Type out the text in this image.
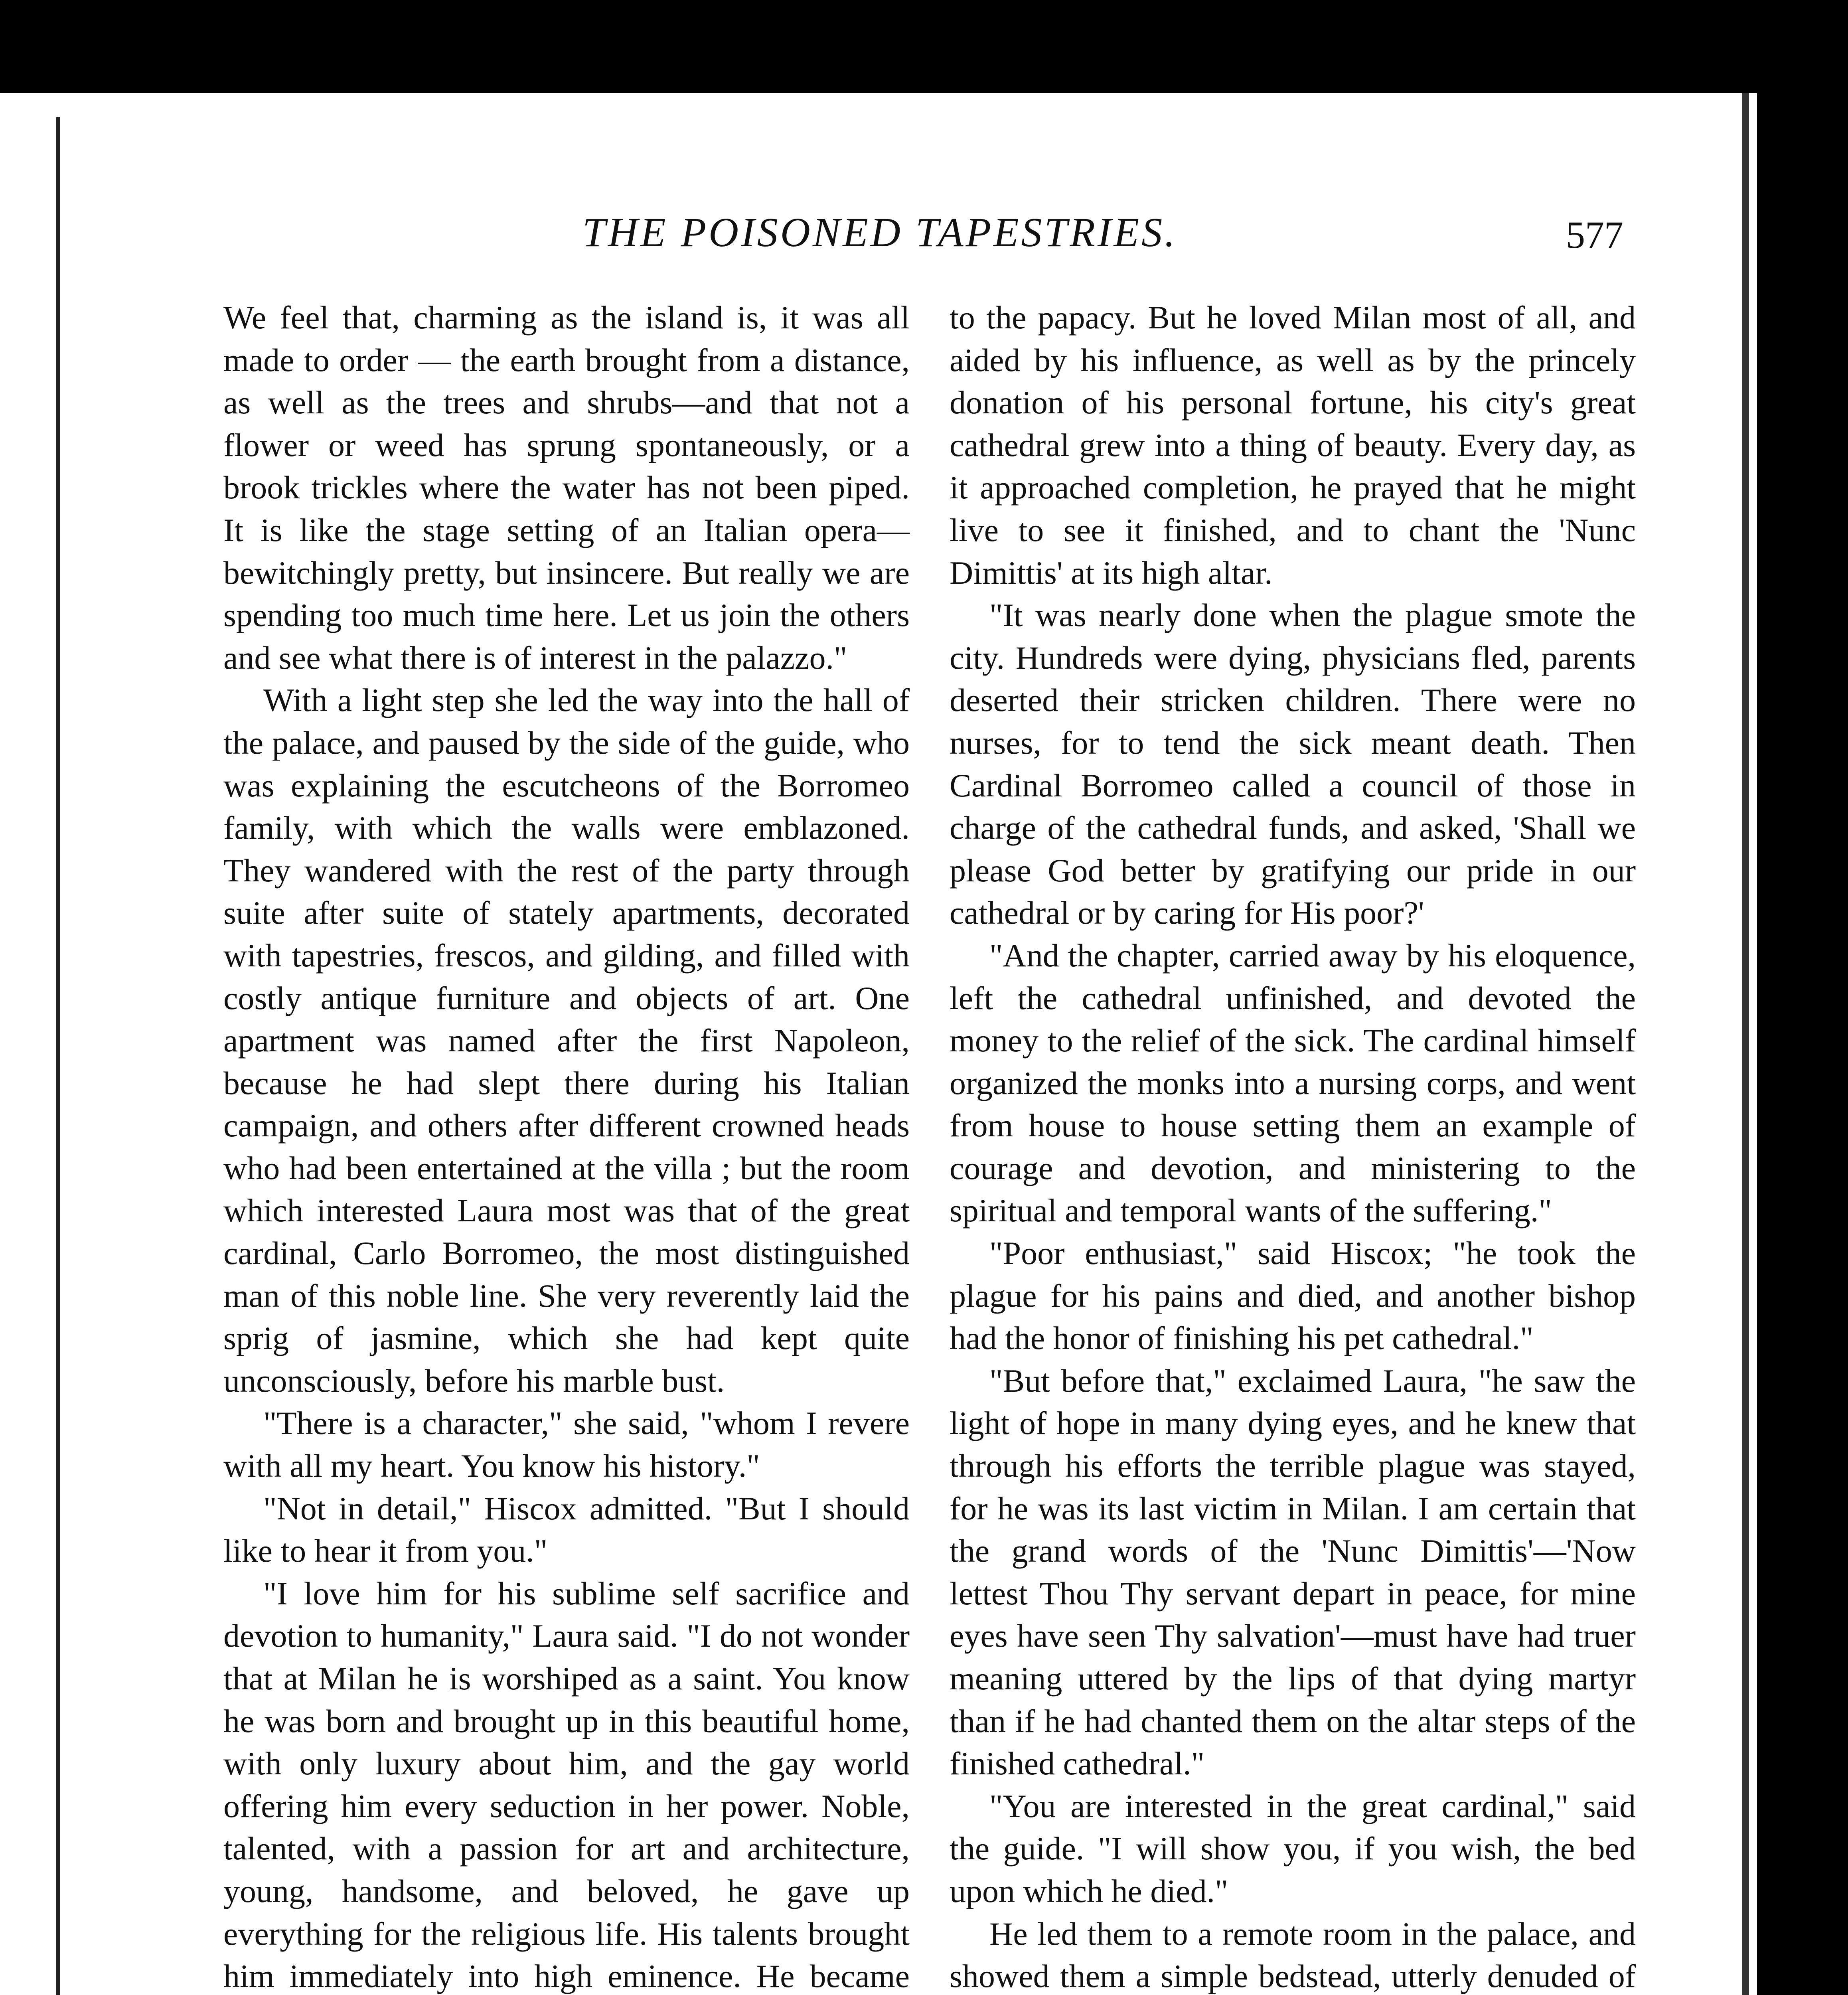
THE POISONED TAPESTRIES.	577

We feel that, charming as the island is, it was all made to order — the earth brought from a distance, as well as the trees and shrubs—and that not a flower or weed has sprung spontaneously, or a brook trickles where the water has not been piped. It is like the stage setting of an Italian opera—bewitchingly pretty, but insincere. But really we are spending too much time here. Let us join the others and see what there is of interest in the palazzo."

With a light step she led the way into the hall of the palace, and paused by the side of the guide, who was explaining the escutcheons of the Borromeo family, with which the walls were emblazoned. They wandered with the rest of the party through suite after suite of stately apartments, decorated with tapestries, frescos, and gilding, and filled with costly antique furniture and objects of art. One apartment was named after the first Napoleon, because he had slept there during his Italian campaign, and others after different crowned heads who had been entertained at the villa ; but the room which interested Laura most was that of the great cardinal, Carlo Borromeo, the most distinguished man of this noble line. She very reverently laid the sprig of jasmine, which she had kept quite unconsciously, before his marble bust.

"There is a character," she said, "whom I revere with all my heart. You know his history."

"Not in detail," Hiscox admitted. "But I should like to hear it from you."

"I love him for his sublime self sacrifice and devotion to humanity," Laura said. "I do not wonder that at Milan he is worshiped as a saint. You know he was born and brought up in this beautiful home, with only luxury about him, and the gay world offering him every seduction in her power. Noble, talented, with a passion for art and architecture, young, handsome, and beloved, he gave up everything for the religious life. His talents brought him immediately into high eminence. He became

to the papacy. But he loved Milan most of all, and aided by his influence, as well as by the princely donation of his personal fortune, his city's great cathedral grew into a thing of beauty. Every day, as it approached completion, he prayed that he might live to see it finished, and to chant the 'Nunc Dimittis' at its high altar.

"It was nearly done when the plague smote the city. Hundreds were dying, physicians fled, parents deserted their stricken children. There were no nurses, for to tend the sick meant death. Then Cardinal Borromeo called a council of those in charge of the cathedral funds, and asked, 'Shall we please God better by gratifying our pride in our cathedral or by caring for His poor?'

"And the chapter, carried away by his eloquence, left the cathedral unfinished, and devoted the money to the relief of the sick. The cardinal himself organized the monks into a nursing corps, and went from house to house setting them an example of courage and devotion, and ministering to the spiritual and temporal wants of the suffering."

"Poor enthusiast," said Hiscox; "he took the plague for his pains and died, and another bishop had the honor of finishing his pet cathedral."

"But before that," exclaimed Laura, "he saw the light of hope in many dying eyes, and he knew that through his efforts the terrible plague was stayed, for he was its last victim in Milan. I am certain that the grand words of the 'Nunc Dimittis'—'Now lettest Thou Thy servant depart in peace, for mine eyes have seen Thy salvation'—must have had truer meaning uttered by the lips of that dying martyr than if he had chanted them on the altar steps of the finished cathedral."

"You are interested in the great cardinal," said the guide. "I will show you, if you wish, the bed upon which he died."

He led them to a remote room in the palace, and showed them a simple bedstead, utterly denuded of
